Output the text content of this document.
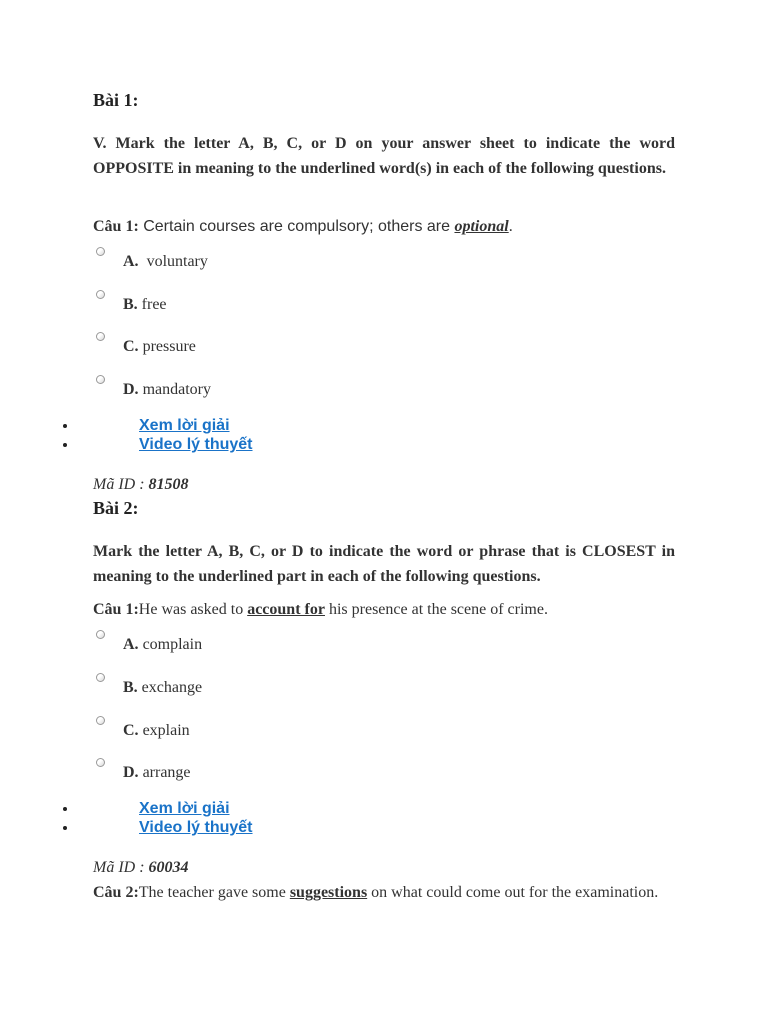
Bài 1:
V. Mark the letter A, B, C, or D on your answer sheet to indicate the word OPPOSITE in meaning to the underlined word(s) in each of the following questions.
Câu 1: Certain courses are compulsory; others are optional.
A.  voluntary
B. free
C. pressure
D. mandatory
Xem lời giải
Video lý thuyết
Mã ID : 81508
Bài 2:
Mark the letter A, B, C, or D to indicate the word or phrase that is CLOSEST in meaning to the underlined part in each of the following questions.
Câu 1:He was asked to account for his presence at the scene of crime.
A. complain
B. exchange
C. explain
D. arrange
Xem lời giải
Video lý thuyết
Mã ID : 60034
Câu 2:The teacher gave some suggestions on what could come out for the examination.
